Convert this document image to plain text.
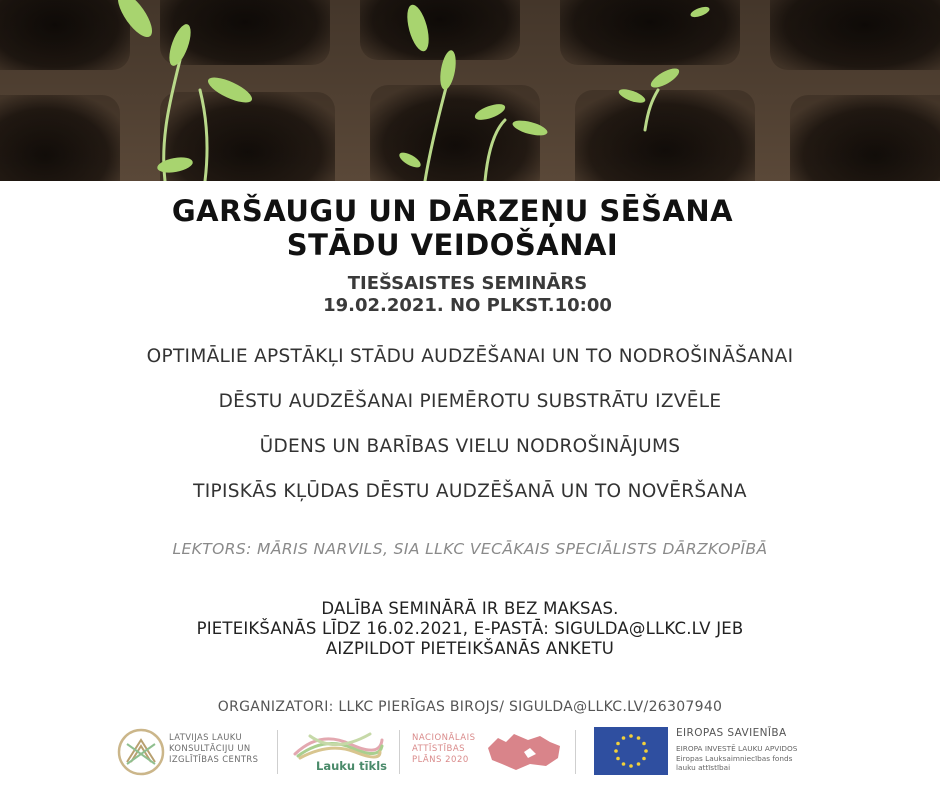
GARŠAUGU UN DĀRZEŅU SĒŠANA
STĀDU VEIDOŠANAI
TIEŠSAISTES SEMINĀRS
19.02.2021. NO PLKST.10:00
OPTIMĀLIE APSTĀKĻI STĀDU AUDZĒŠANAI UN TO NODROŠINĀŠANAI
DĒSTU AUDZĒŠANAI PIEMĒROTU SUBSTRĀTU IZVĒLE
ŪDENS UN BARĪBAS VIELU NODROŠINĀJUMS
TIPISKĀS KĻŪDAS DĒSTU AUDZĒŠANĀ UN TO NOVĒRŠANA
LEKTORS: MĀRIS NARVILS, SIA LLKC VECĀKAIS SPECIĀLISTS DĀRZKOPĪBĀ
DALĪBA SEMINĀRĀ IR BEZ MAKSAS.
PIETEIKŠANĀS LĪDZ 16.02.2021, E-PASTĀ: SIGULDA@LLKC.LV JEB
AIZPILDOT PIETEIKŠANĀS ANKETU
ORGANIZATORI: LLKC PIERĪGAS BIROJS/ SIGULDA@LLKC.LV/26307940
LATVIJAS LAUKU
KONSULTĀCIJU UN
IZGLĪTĪBAS CENTRS	Lauku tīkls
NACIONĀLAIS
ATTĪSTĪBAS
PLĀNS 2020
EIROPAS SAVIENĪBA
EIROPA INVESTĒ LAUKU APVIDOS
Eiropas Lauksaimniecības fonds
lauku attīstībai
